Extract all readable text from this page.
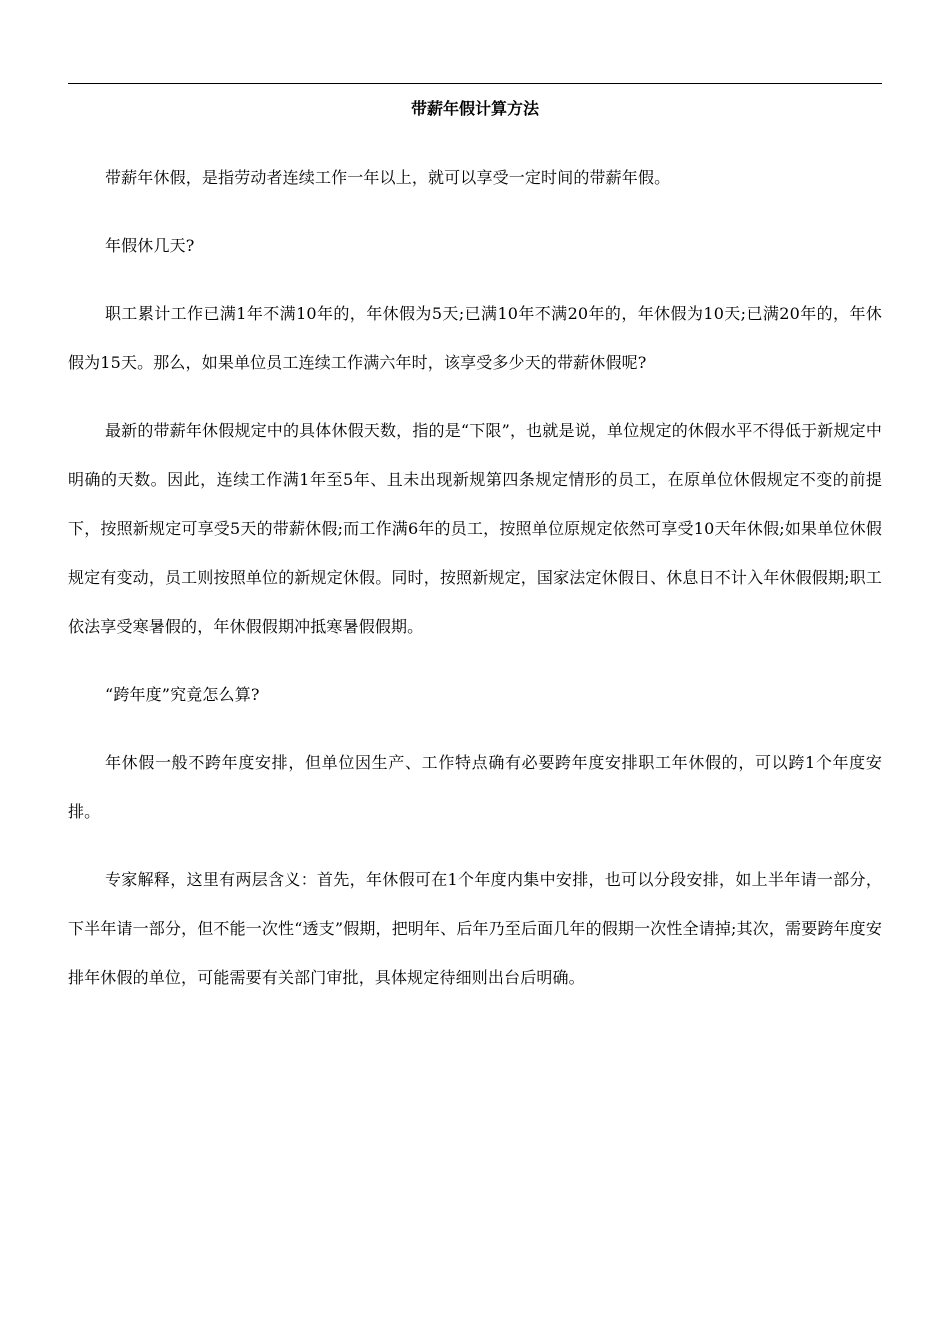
带薪年假计算方法

带薪年休假，是指劳动者连续工作一年以上，就可以享受一定时间的带薪年假。

年假休几天?

职工累计工作已满1年不满10年的，年休假为5天;已满10年不满20年的，年休假为10天;已满20年的，年休假为15天。那么，如果单位员工连续工作满六年时，该享受多少天的带薪休假呢?

最新的带薪年休假规定中的具体休假天数，指的是“下限”，也就是说，单位规定的休假水平不得低于新规定中明确的天数。因此，连续工作满1年至5年、且未出现新规第四条规定情形的员工，在原单位休假规定不变的前提下，按照新规定可享受5天的带薪休假;而工作满6年的员工，按照单位原规定依然可享受10天年休假;如果单位休假规定有变动，员工则按照单位的新规定休假。同时，按照新规定，国家法定休假日、休息日不计入年休假假期;职工依法享受寒暑假的，年休假假期冲抵寒暑假假期。

“跨年度”究竟怎么算?

年休假一般不跨年度安排，但单位因生产、工作特点确有必要跨年度安排职工年休假的，可以跨1个年度安排。

专家解释，这里有两层含义：首先，年休假可在1个年度内集中安排，也可以分段安排，如上半年请一部分，下半年请一部分，但不能一次性“透支”假期，把明年、后年乃至后面几年的假期一次性全请掉;其次，需要跨年度安排年休假的单位，可能需要有关部门审批，具体规定待细则出台后明确。
